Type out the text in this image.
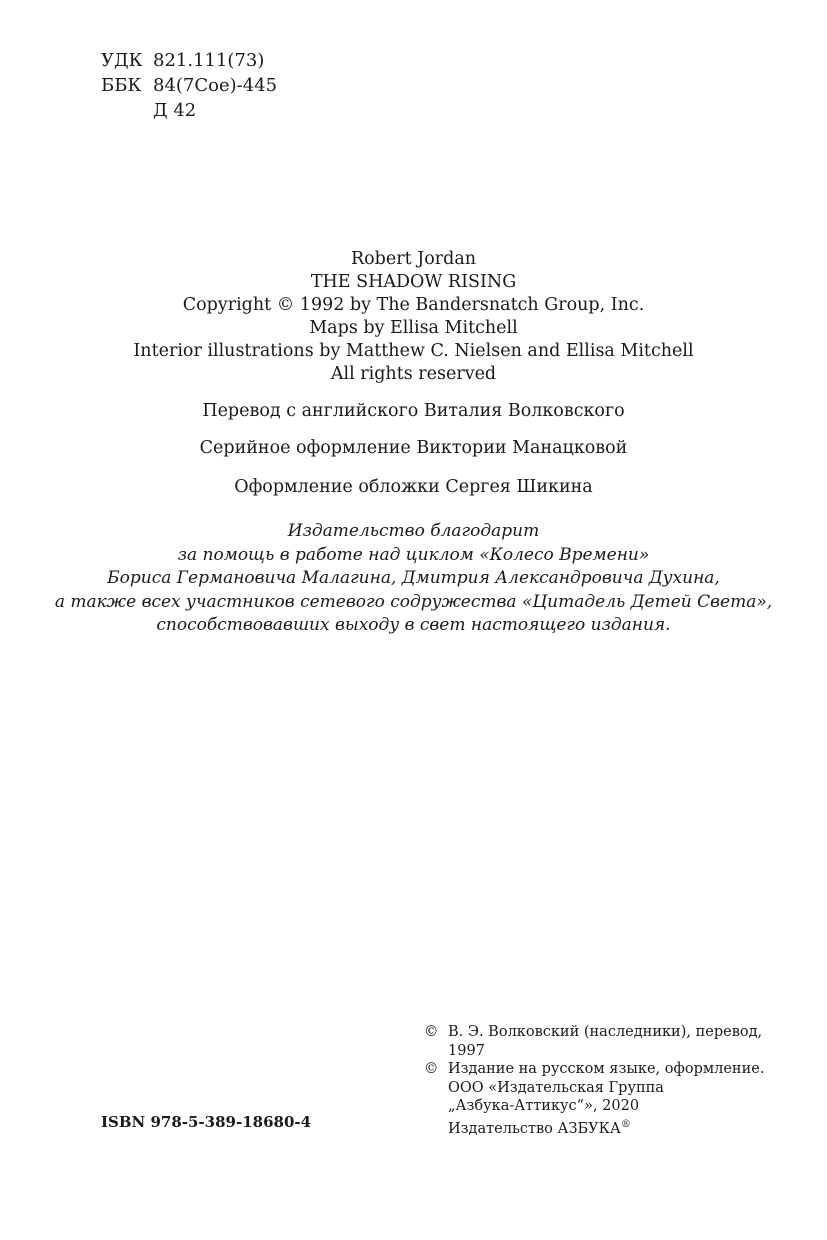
УДК 821.111(73)
ББК 84(7Сое)-445
Д 42
Robert Jordan
THE SHADOW RISING
Copyright © 1992 by The Bandersnatch Group, Inc.
Maps by Ellisa Mitchell
Interior illustrations by Matthew C. Nielsen and Ellisa Mitchell
All rights reserved
Перевод с английского Виталия Волковского
Серийное оформление Виктории Манацковой
Оформление обложки Сергея Шикина
Издательство благодарит
за помощь в работе над циклом «Колесо Времени»
Бориса Германовича Малагина, Дмитрия Александровича Духина,
а также всех участников сетевого содружества «Цитадель Детей Света»,
способствовавших выходу в свет настоящего издания.
© В. Э. Волковский (наследники), перевод,
1997
© Издание на русском языке, оформление.
ООО «Издательская Группа
„Азбука-Аттикус“», 2020
Издательство АЗБУКА®
ISBN 978-5-389-18680-4
